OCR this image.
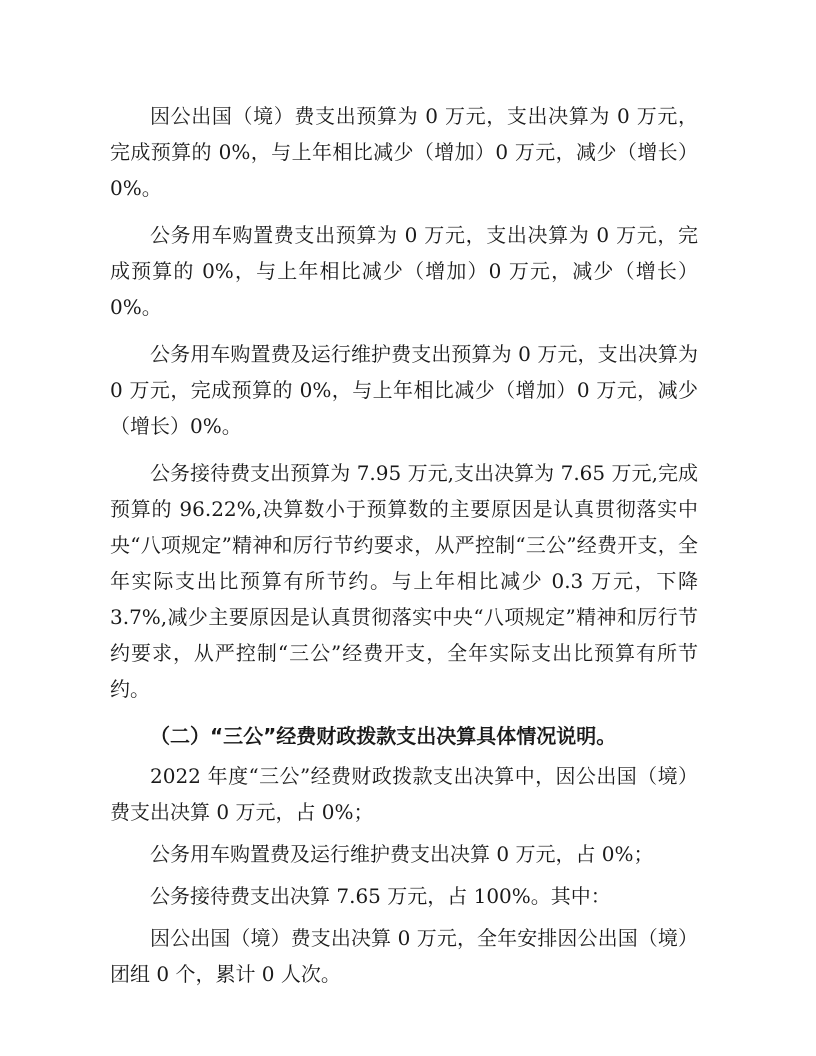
因公出国（境）费支出预算为 0 万元，支出决算为 0 万元，完成预算的 0%，与上年相比减少（增加）0 万元，减少（增长）0%。

公务用车购置费支出预算为 0 万元，支出决算为 0 万元，完成预算的 0%，与上年相比减少（增加）0 万元，减少（增长）0%。

公务用车购置费及运行维护费支出预算为 0 万元，支出决算为 0 万元，完成预算的 0%，与上年相比减少（增加）0 万元，减少（增长）0%。

公务接待费支出预算为 7.95 万元,支出决算为 7.65 万元,完成预算的 96.22%,决算数小于预算数的主要原因是认真贯彻落实中央“八项规定”精神和厉行节约要求，从严控制“三公”经费开支，全年实际支出比预算有所节约。与上年相比减少 0.3 万元，下降 3.7%,减少主要原因是认真贯彻落实中央“八项规定”精神和厉行节约要求，从严控制“三公”经费开支，全年实际支出比预算有所节约。

（二）“三公”经费财政拨款支出决算具体情况说明。

2022 年度“三公”经费财政拨款支出决算中，因公出国（境）费支出决算 0 万元，占 0%；

公务用车购置费及运行维护费支出决算 0 万元，占 0%；

公务接待费支出决算 7.65 万元，占 100%。其中：

因公出国（境）费支出决算 0 万元，全年安排因公出国（境）团组 0 个，累计 0 人次。
